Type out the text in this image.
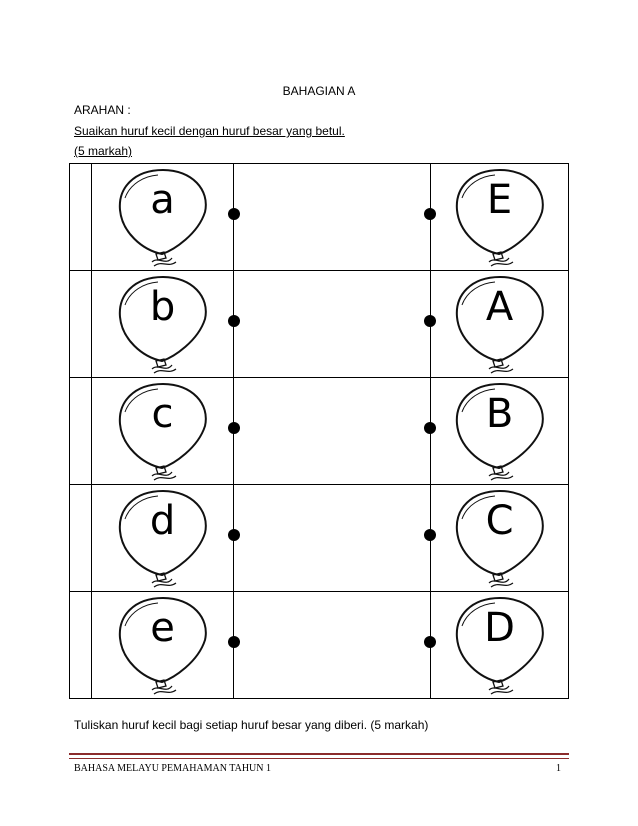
BAHAGIAN A
ARAHAN :
Suaikan huruf kecil dengan huruf besar yang betul.
(5 markah)

	a		E

	b		A

	c		B

	d		C

	e		D
Tuliskan huruf kecil bagi setiap huruf besar yang diberi. (5 markah)
BAHASA MELAYU PEMAHAMAN TAHUN 1	1
